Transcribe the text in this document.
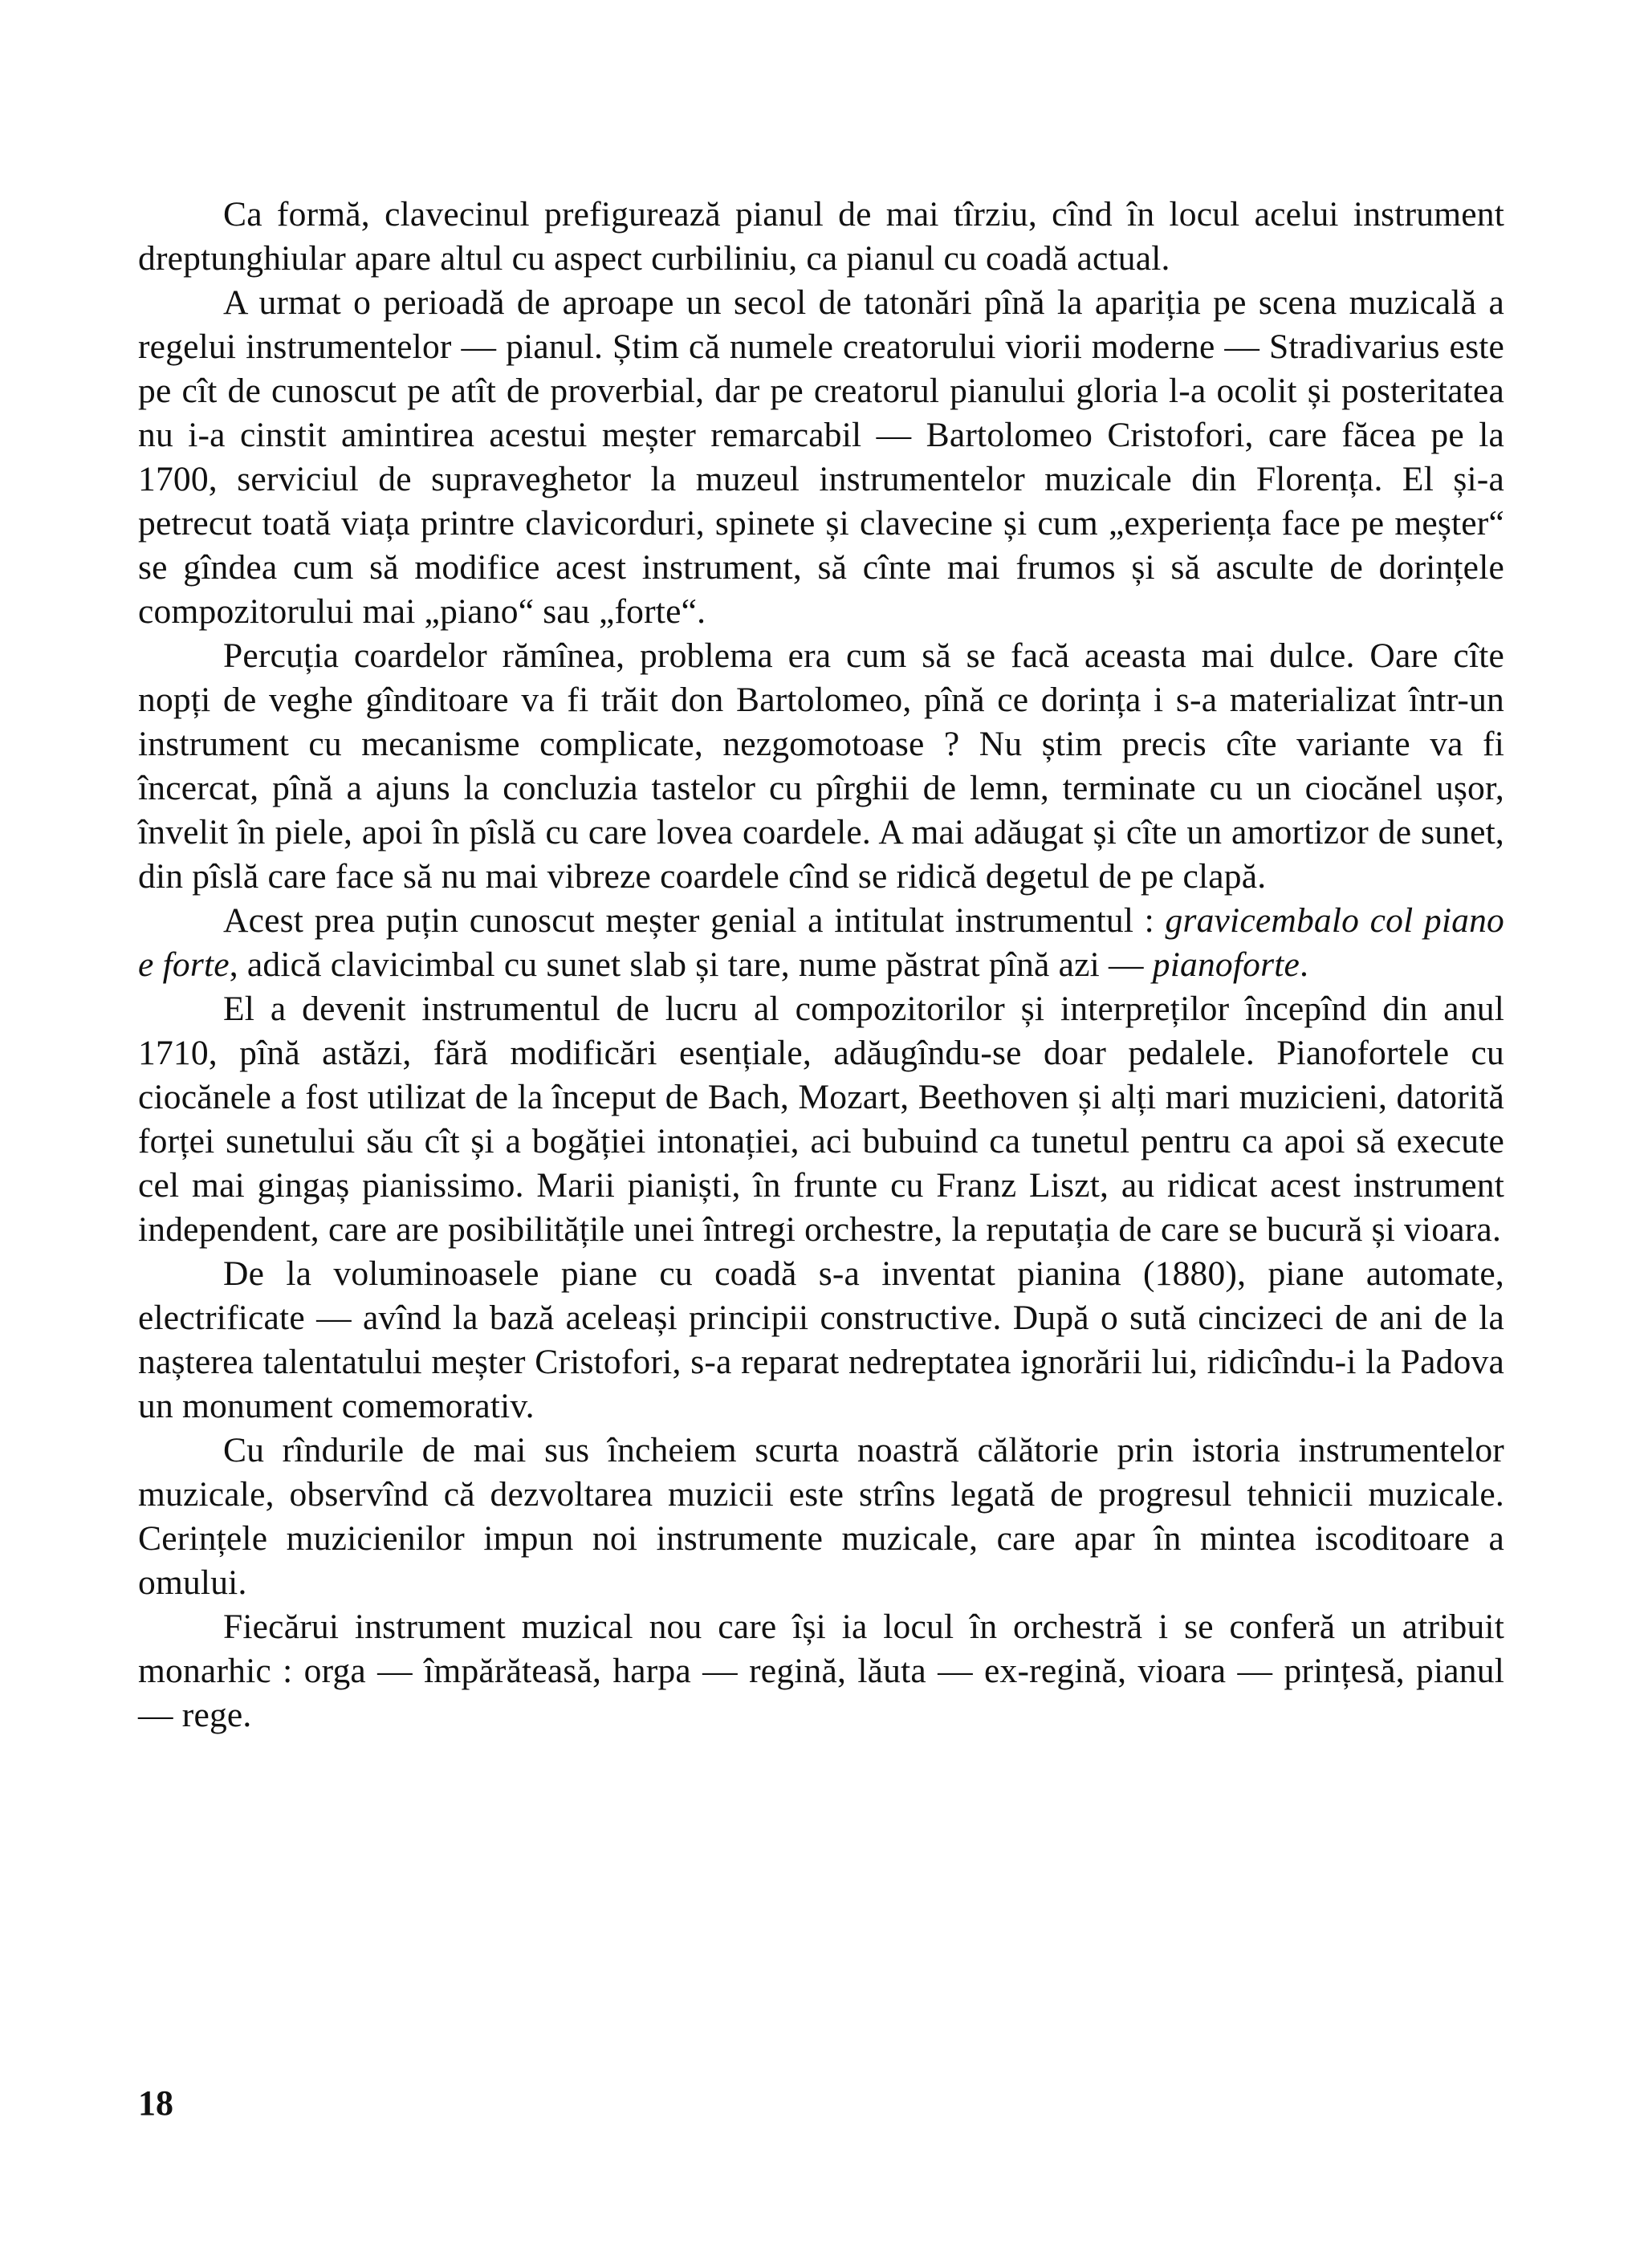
Ca formă, clavecinul prefigurează pianul de mai tîrziu, cînd în locul acelui instrument dreptunghiular apare altul cu aspect curbiliniu, ca pianul cu coadă actual.

A urmat o perioadă de aproape un secol de tatonări pînă la apariția pe scena muzicală a regelui instrumentelor — pianul. Știm că numele creatorului viorii moderne — Stradivarius este pe cît de cunoscut pe atît de proverbial, dar pe creatorul pianului gloria l-a ocolit și posteritatea nu i-a cinstit amintirea acestui meșter remarcabil — Bartolomeo Cristofori, care făcea pe la 1700, serviciul de supraveghetor la muzeul instrumentelor muzicale din Florența. El și-a petrecut toată viața printre clavicorduri, spinete și clavecine și cum „experiența face pe meșter“ se gîndea cum să modifice acest instrument, să cînte mai frumos și să asculte de dorințele compozitorului mai „piano“ sau „forte“.

Percuția coardelor rămînea, problema era cum să se facă aceasta mai dulce. Oare cîte nopți de veghe gînditoare va fi trăit don Bartolomeo, pînă ce dorința i s-a materializat într-un instrument cu mecanisme complicate, nezgomotoase ? Nu știm precis cîte variante va fi încercat, pînă a ajuns la concluzia tastelor cu pîrghii de lemn, terminate cu un ciocănel ușor, învelit în piele, apoi în pîslă cu care lovea coardele. A mai adăugat și cîte un amortizor de sunet, din pîslă care face să nu mai vibreze coardele cînd se ridică degetul de pe clapă.

Acest prea puțin cunoscut meșter genial a intitulat instrumentul : gravicembalo col piano e forte, adică clavicimbal cu sunet slab și tare, nume păstrat pînă azi — pianoforte.

El a devenit instrumentul de lucru al compozitorilor și interpreților începînd din anul 1710, pînă astăzi, fără modificări esențiale, adăugîndu-se doar pedalele. Pianofortele cu ciocănele a fost utilizat de la început de Bach, Mozart, Beethoven și alți mari muzicieni, datorită forței sunetului său cît și a bogăției intonației, aci bubuind ca tunetul pentru ca apoi să execute cel mai gingaș pianissimo. Marii pianiști, în frunte cu Franz Liszt, au ridicat acest instrument independent, care are posibilitățile unei întregi orchestre, la reputația de care se bucură și vioara.

De la voluminoasele piane cu coadă s-a inventat pianina (1880), piane automate, electrificate — avînd la bază aceleași principii constructive. După o sută cincizeci de ani de la nașterea talentatului meșter Cristofori, s-a reparat nedreptatea ignorării lui, ridicîndu-i la Padova un monument comemorativ.

Cu rîndurile de mai sus încheiem scurta noastră călătorie prin istoria instrumentelor muzicale, observînd că dezvoltarea muzicii este strîns legată de progresul tehnicii muzicale. Cerințele muzicienilor impun noi instrumente muzicale, care apar în mintea iscoditoare a omului.

Fiecărui instrument muzical nou care își ia locul în orchestră i se conferă un atribuit monarhic : orga — împărăteasă, harpa — regină, lăuta — ex-regină, vioara — prințesă, pianul — rege.

18
